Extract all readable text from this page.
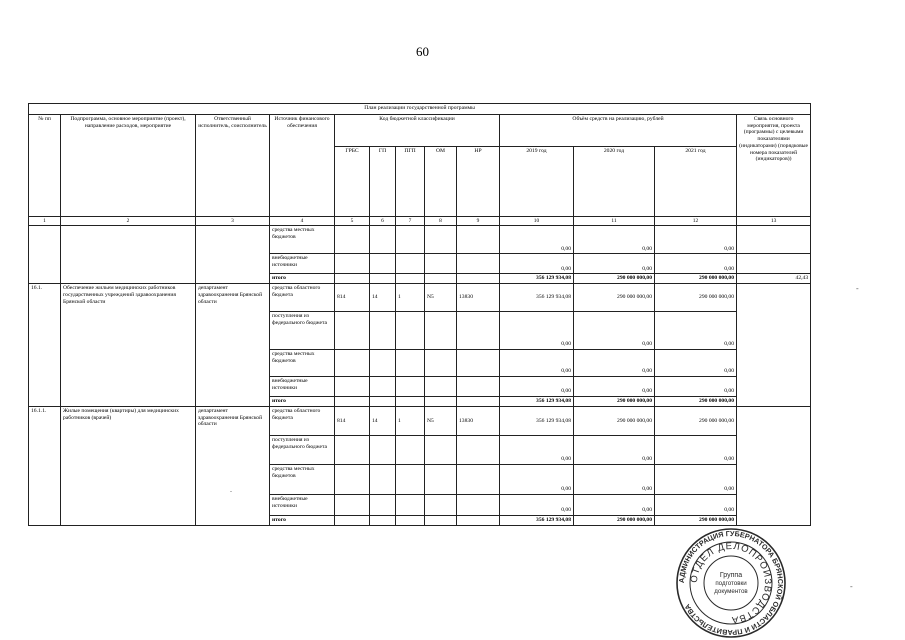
60
План реализации государственной программы												
№ пп	Подпрограмма, основное мероприятие (проект), направление расходов, мероприятие	Ответственный исполнитель, соисполнитель	Источник финансового обеспечения	Код бюджетной классификации					Объём средств на реализацию, рублей			Связь основного мероприятия, проекта (программы) с целевыми показателями (индикаторами) (порядковые номера показателей (индикаторов))
				ГРБС	ГП	ПГП	ОМ	НР	2019 год	2020 год	2021 год	
1	2	3	4	5	6	7	8	9	10	11	12	13
			средства местных бюджетов						0,00	0,00	0,00	
			внебюджетные источники						0,00	0,00	0,00	
			итого						356 129 934,08	290 000 000,00	290 000 000,00	42,43
16.1.	Обеспечение жильем медицинских работников государственных учреждений здравоохранения Брянской области	департамент здравоохранения Брянской области	средства областного бюджета	814	14	1	N5	13830	356 129 934,08	290 000 000,00	290 000 000,00	
			поступления из федерального бюджета						0,00	0,00	0,00	
			средства местных бюджетов						0,00	0,00	0,00	
			внебюджетные источники						0,00	0,00	0,00	
			итого						356 129 934,08	290 000 000,00	290 000 000,00	
16.1.1.	Жилые помещения (квартиры) для медицинских работников (врачей)	департамент здравоохранения Брянской области	средства областного бюджета	814	14	1	N5	13830	356 129 934,08	290 000 000,00	290 000 000,00	
			поступления из федерального бюджета						0,00	0,00	0,00	
			средства местных бюджетов						0,00	0,00	0,00	
			внебюджетные источники						0,00	0,00	0,00	
			итого						356 129 934,08	290 000 000,00	290 000 000,00	
-
.
-
АДМИНИСТРАЦИЯ ГУБЕРНАТОРА БРЯНСКОЙ ОБЛАСТИ И ПРАВИТЕЛЬСТВА
ОТДЕЛ ДЕЛОПРОИЗВОДСТВА
Группа
подготовки
документов
